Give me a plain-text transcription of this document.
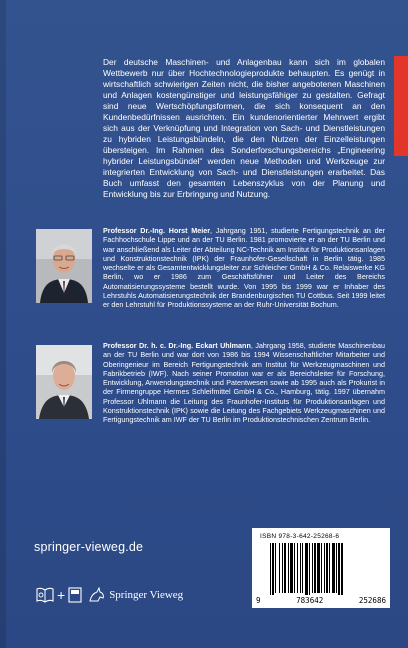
Der deutsche Maschinen- und Anlagenbau kann sich im globalen Wettbewerb nur über Hochtechnologieprodukte behaupten. Es genügt in wirtschaftlich schwierigen Zeiten nicht, die bisher angebotenen Maschinen und Anlagen kostengünstiger und leistungsfähiger zu gestalten. Gefragt sind neue Wertschöpfungsformen, die sich konsequent an den Kundenbedürfnissen ausrichten. Ein kundenorientierter Mehrwert ergibt sich aus der Verknüpfung und Integration von Sach- und Dienstleistungen zu hybriden Leistungsbündeln, die den Nutzen der Einzelleistungen übersteigen. Im Rahmen des Sonderforschungsbereichs „Engineering hybrider Leistungsbündel“ werden neue Methoden und Werkzeuge zur integrierten Entwicklung von Sach- und Dienstleistungen erarbeitet. Das Buch umfasst den gesamten Lebenszyklus von der Planung und Entwicklung bis zur Erbringung und Nutzung.

Professor Dr.-Ing. Horst Meier, Jahrgang 1951, studierte Fertigungstechnik an der Fachhochschule Lippe und an der TU Berlin. 1981 promovierte er an der TU Berlin und war anschließend als Leiter der Abteilung NC-Technik am Institut für Produktionsanlagen und Konstruktionstechnik (IPK) der Fraunhofer-Gesellschaft in Berlin tätig. 1985 wechselte er als Gesamtentwicklungsleiter zur Schleicher GmbH & Co. Relaiswerke KG Berlin, wo er 1986 zum Geschäftsführer und Leiter des Bereichs Automatisierungssysteme bestellt wurde. Von 1995 bis 1999 war er Inhaber des Lehrstuhls Automatisierungstechnik der Brandenburgischen TU Cottbus. Seit 1999 leitet er den Lehrstuhl für Produktionssysteme an der Ruhr-Universität Bochum.
Professor Dr. h. c. Dr.-Ing. Eckart Uhlmann, Jahrgang 1958, studierte Maschinenbau an der TU Berlin und war dort von 1986 bis 1994 Wissenschaftlicher Mitarbeiter und Oberingenieur im Bereich Fertigungstechnik am Institut für Werkzeugmaschinen und Fabrikbetrieb (IWF). Nach seiner Promotion war er als Bereichsleiter für Forschung, Entwicklung, Anwendungstechnik und Patentwesen sowie ab 1995 auch als Prokurist in der Firmengruppe Hermes Schleifmittel GmbH & Co., Hamburg, tätig. 1997 übernahm Professor Uhlmann die Leitung des Fraunhofer-Instituts für Produktionsanlagen und Konstruktionstechnik (IPK) sowie die Leitung des Fachgebiets Werkzeugmaschinen und Fertigungstechnik am IWF der TU Berlin im Produktionstechnischen Zentrum Berlin.
springer-vieweg.de
+	Springer Vieweg
ISBN 978-3-642-25268-6
9	783642	252686
